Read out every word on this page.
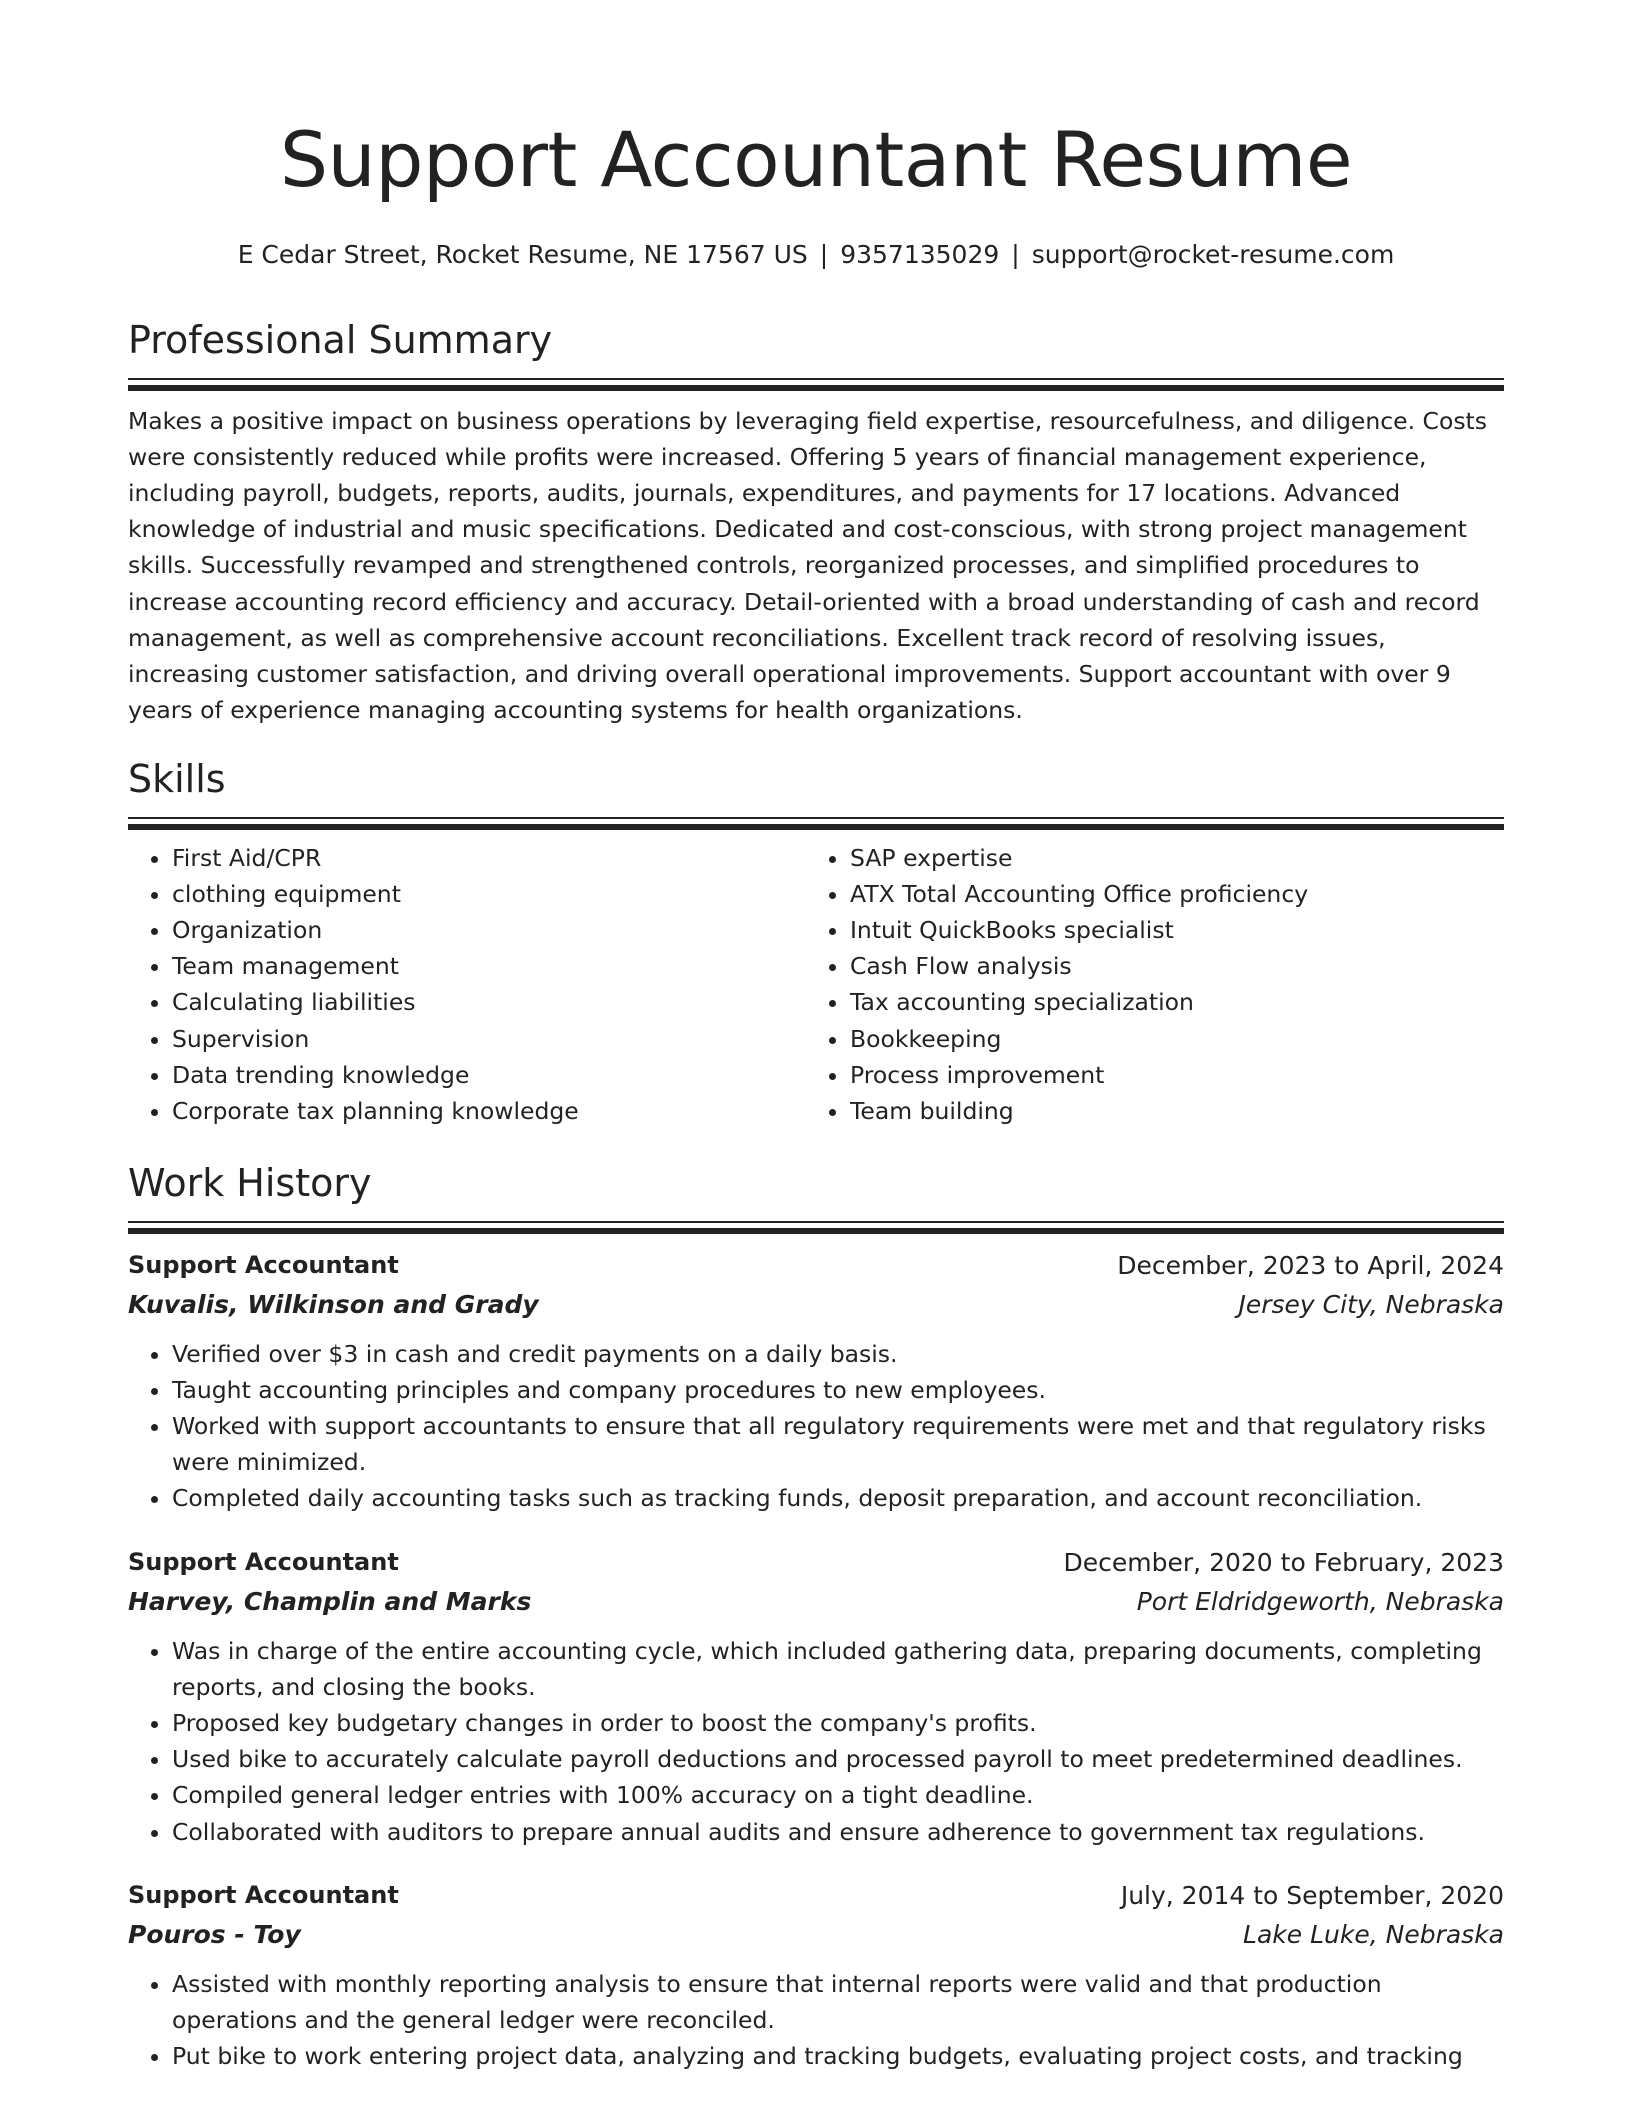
Support Accountant Resume
E Cedar Street, Rocket Resume, NE 17567 US | 9357135029 | support@rocket-resume.com
Professional Summary

Makes a positive impact on business operations by leveraging field expertise, resourcefulness, and diligence. Costs were consistently reduced while profits were increased. Offering 5 years of financial management experience, including payroll, budgets, reports, audits, journals, expenditures, and payments for 17 locations. Advanced knowledge of industrial and music specifications. Dedicated and cost-conscious, with strong project management skills. Successfully revamped and strengthened controls, reorganized processes, and simplified procedures to increase accounting record efficiency and accuracy. Detail-oriented with a broad understanding of cash and record management, as well as comprehensive account reconciliations. Excellent track record of resolving issues, increasing customer satisfaction, and driving overall operational improvements. Support accountant with over 9 years of experience managing accounting systems for health organizations.

Skills
• First Aid/CPR
• clothing equipment
• Organization
• Team management
• Calculating liabilities
• Supervision
• Data trending knowledge
• Corporate tax planning knowledge
• SAP expertise
• ATX Total Accounting Office proficiency
• Intuit QuickBooks specialist
• Cash Flow analysis
• Tax accounting specialization
• Bookkeeping
• Process improvement
• Team building
Work History
Support Accountant	December, 2023 to April, 2024
Kuvalis, Wilkinson and Grady	Jersey City, Nebraska
• Verified over $3 in cash and credit payments on a daily basis.
• Taught accounting principles and company procedures to new employees.
• Worked with support accountants to ensure that all regulatory requirements were met and that regulatory risks were minimized.
• Completed daily accounting tasks such as tracking funds, deposit preparation, and account reconciliation.
Support Accountant	December, 2020 to February, 2023
Harvey, Champlin and Marks	Port Eldridgeworth, Nebraska
• Was in charge of the entire accounting cycle, which included gathering data, preparing documents, completing reports, and closing the books.
• Proposed key budgetary changes in order to boost the company's profits.
• Used bike to accurately calculate payroll deductions and processed payroll to meet predetermined deadlines.
• Compiled general ledger entries with 100% accuracy on a tight deadline.
• Collaborated with auditors to prepare annual audits and ensure adherence to government tax regulations.
Support Accountant	July, 2014 to September, 2020
Pouros - Toy	Lake Luke, Nebraska
• Assisted with monthly reporting analysis to ensure that internal reports were valid and that production operations and the general ledger were reconciled.
• Put bike to work entering project data, analyzing and tracking budgets, evaluating project costs, and tracking
